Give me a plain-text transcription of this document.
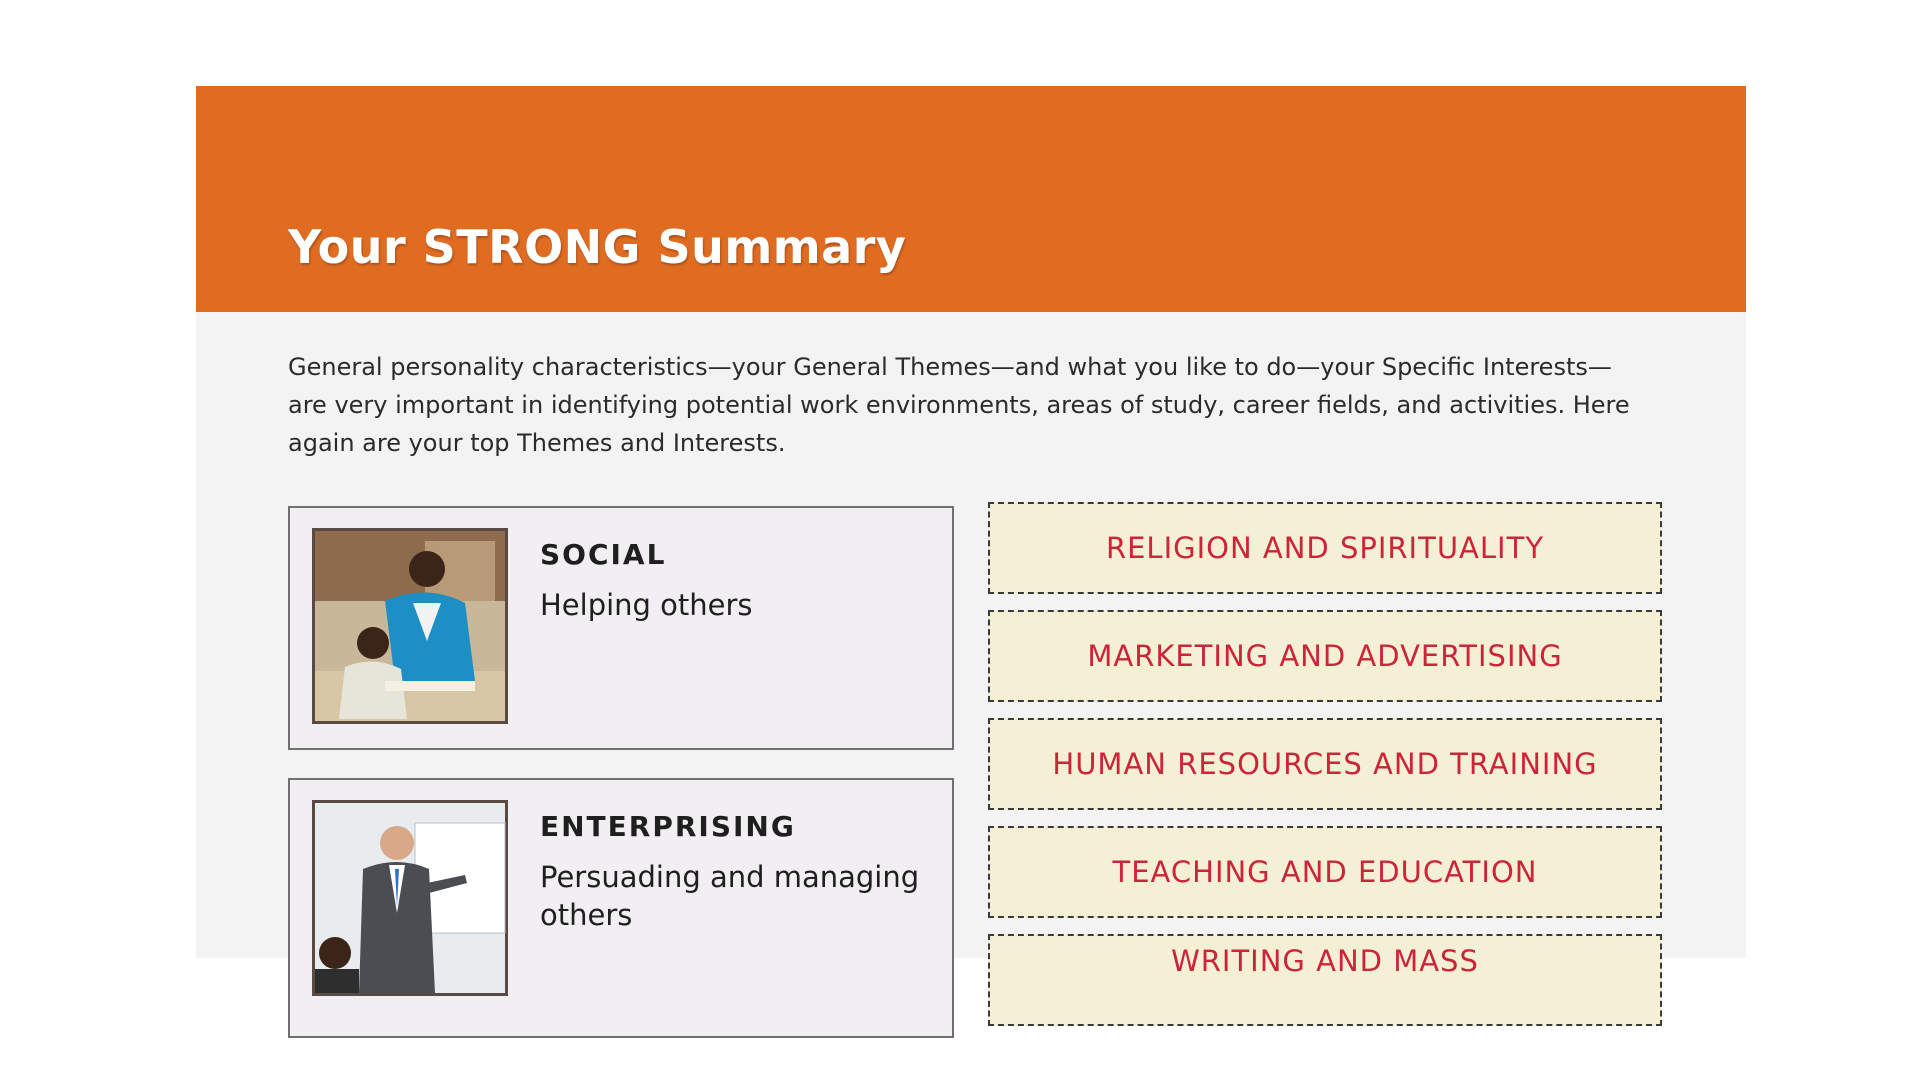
Your STRONG Summary

General personality characteristics—your General Themes—and what you like to do—your Specific Interests—are very important in identifying potential work environments, areas of study, career fields, and activities. Here again are your top Themes and Interests.

SOCIAL
Helping others
ENTERPRISING
Persuading and managing others
RELIGION AND SPIRITUALITY
MARKETING AND ADVERTISING
HUMAN RESOURCES AND TRAINING
TEACHING AND EDUCATION
WRITING AND MASS
